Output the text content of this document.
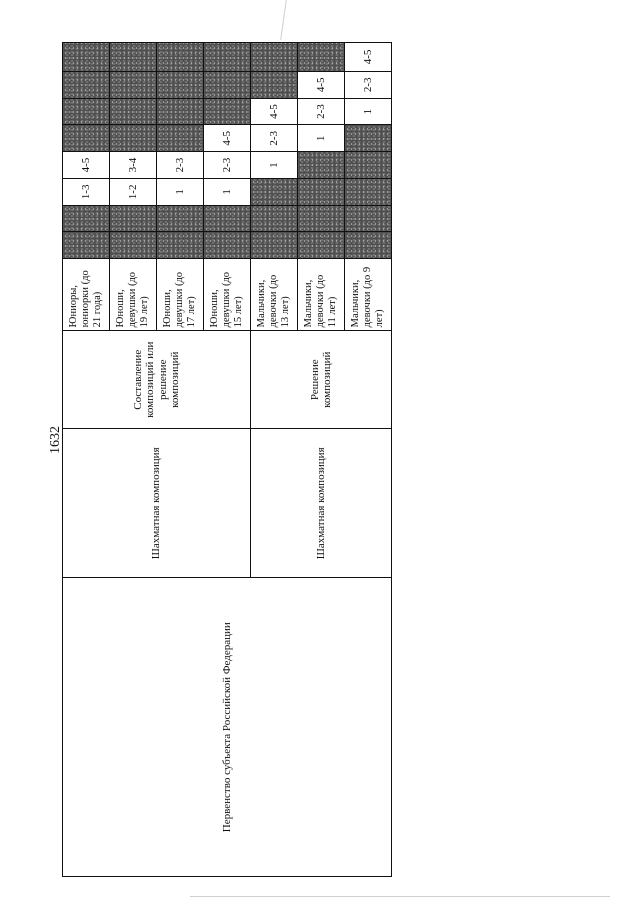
1632
Первенство субъекта Российской Федерации	Шахматная композиция	Составление композиций или решение композиций	Юниоры, юниорки (до 21 года)			1-3	4-5				
			Юноши, девушки (до 19 лет)			1-2	3-4				
			Юноши, девушки (до 17 лет)			1	2-3				
			Юноши, девушки (до 15 лет)			1	2-3	4-5			
	Шахматная композиция	Решение композиций	Мальчики, девочки (до 13 лет)				1	2-3	4-5		
			Мальчики, девочки (до 11 лет)					1	2-3	4-5	
			Мальчики, девочки (до 9 лет)						1	2-3	4-5
